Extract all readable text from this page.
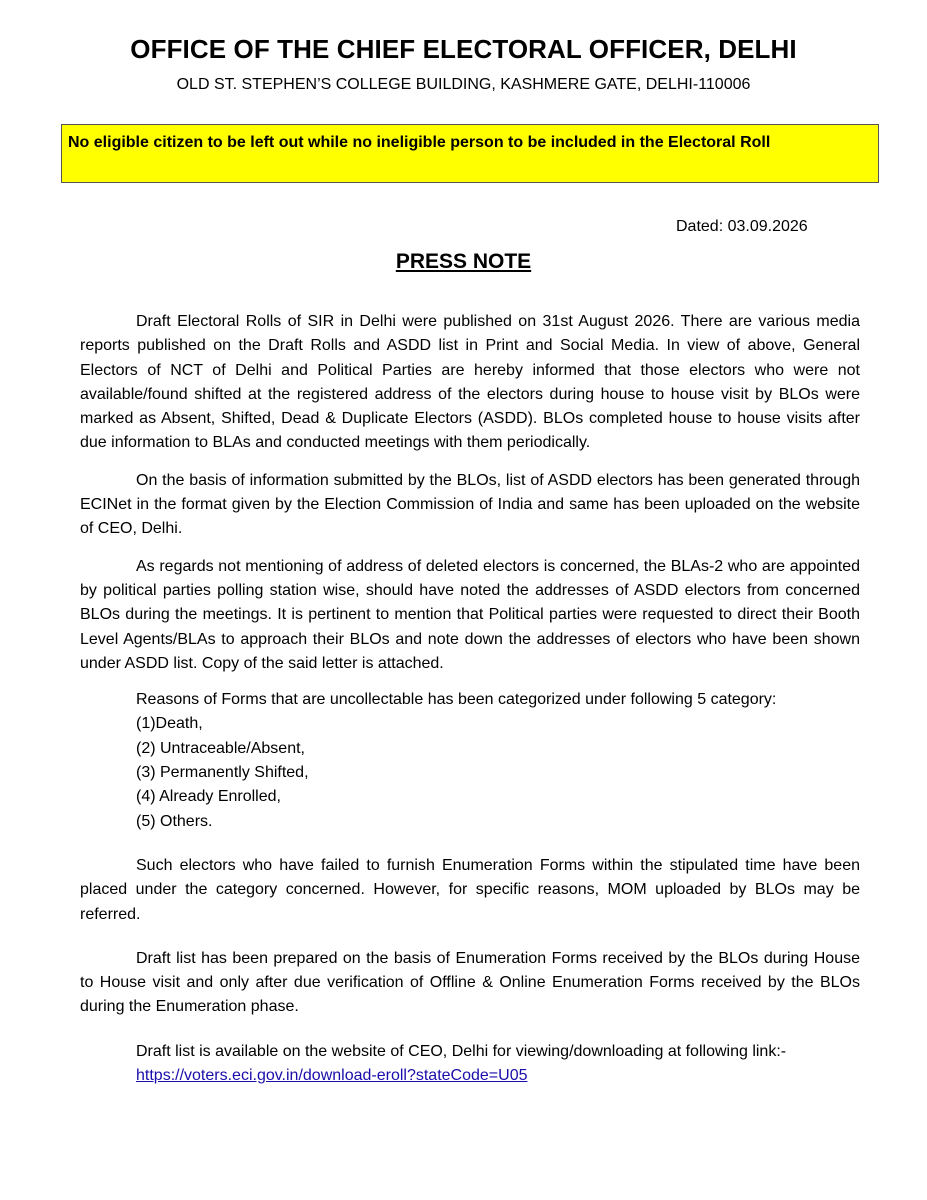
OFFICE OF THE CHIEF ELECTORAL OFFICER, DELHI
OLD ST. STEPHEN’S COLLEGE BUILDING, KASHMERE GATE, DELHI-110006
No eligible citizen to be left out while no ineligible person to be included in the Electoral Roll
Dated: 03.09.2026
PRESS NOTE

Draft Electoral Rolls of SIR in Delhi were published on 31st August 2026. There are various media reports published on the Draft Rolls and ASDD list in Print and Social Media. In view of above, General Electors of NCT of Delhi and Political Parties are hereby informed that those electors who were not available/found shifted at the registered address of the electors during house to house visit by BLOs were marked as Absent, Shifted, Dead & Duplicate Electors (ASDD). BLOs completed house to house visits after due information to BLAs and conducted meetings with them periodically.

On the basis of information submitted by the BLOs, list of ASDD electors has been generated through ECINet in the format given by the Election Commission of India and same has been uploaded on the website of CEO, Delhi.

As regards not mentioning of address of deleted electors is concerned, the BLAs-2 who are appointed by political parties polling station wise, should have noted the addresses of ASDD electors from concerned BLOs during the meetings. It is pertinent to mention that Political parties were requested to direct their Booth Level Agents/BLAs to approach their BLOs and note down the addresses of electors who have been shown under ASDD list. Copy of the said letter is attached.

Reasons of Forms that are uncollectable has been categorized under following 5 category:
(1)Death,
(2) Untraceable/Absent,
(3) Permanently Shifted,
(4) Already Enrolled,
(5) Others.

Such electors who have failed to furnish Enumeration Forms within the stipulated time have been placed under the category concerned. However, for specific reasons, MOM uploaded by BLOs may be referred.

Draft list has been prepared on the basis of Enumeration Forms received by the BLOs during House to House visit and only after due verification of Offline & Online Enumeration Forms received by the BLOs during the Enumeration phase.

Draft list is available on the website of CEO, Delhi for viewing/downloading at following link:-

https://voters.eci.gov.in/download-eroll?stateCode=U05
